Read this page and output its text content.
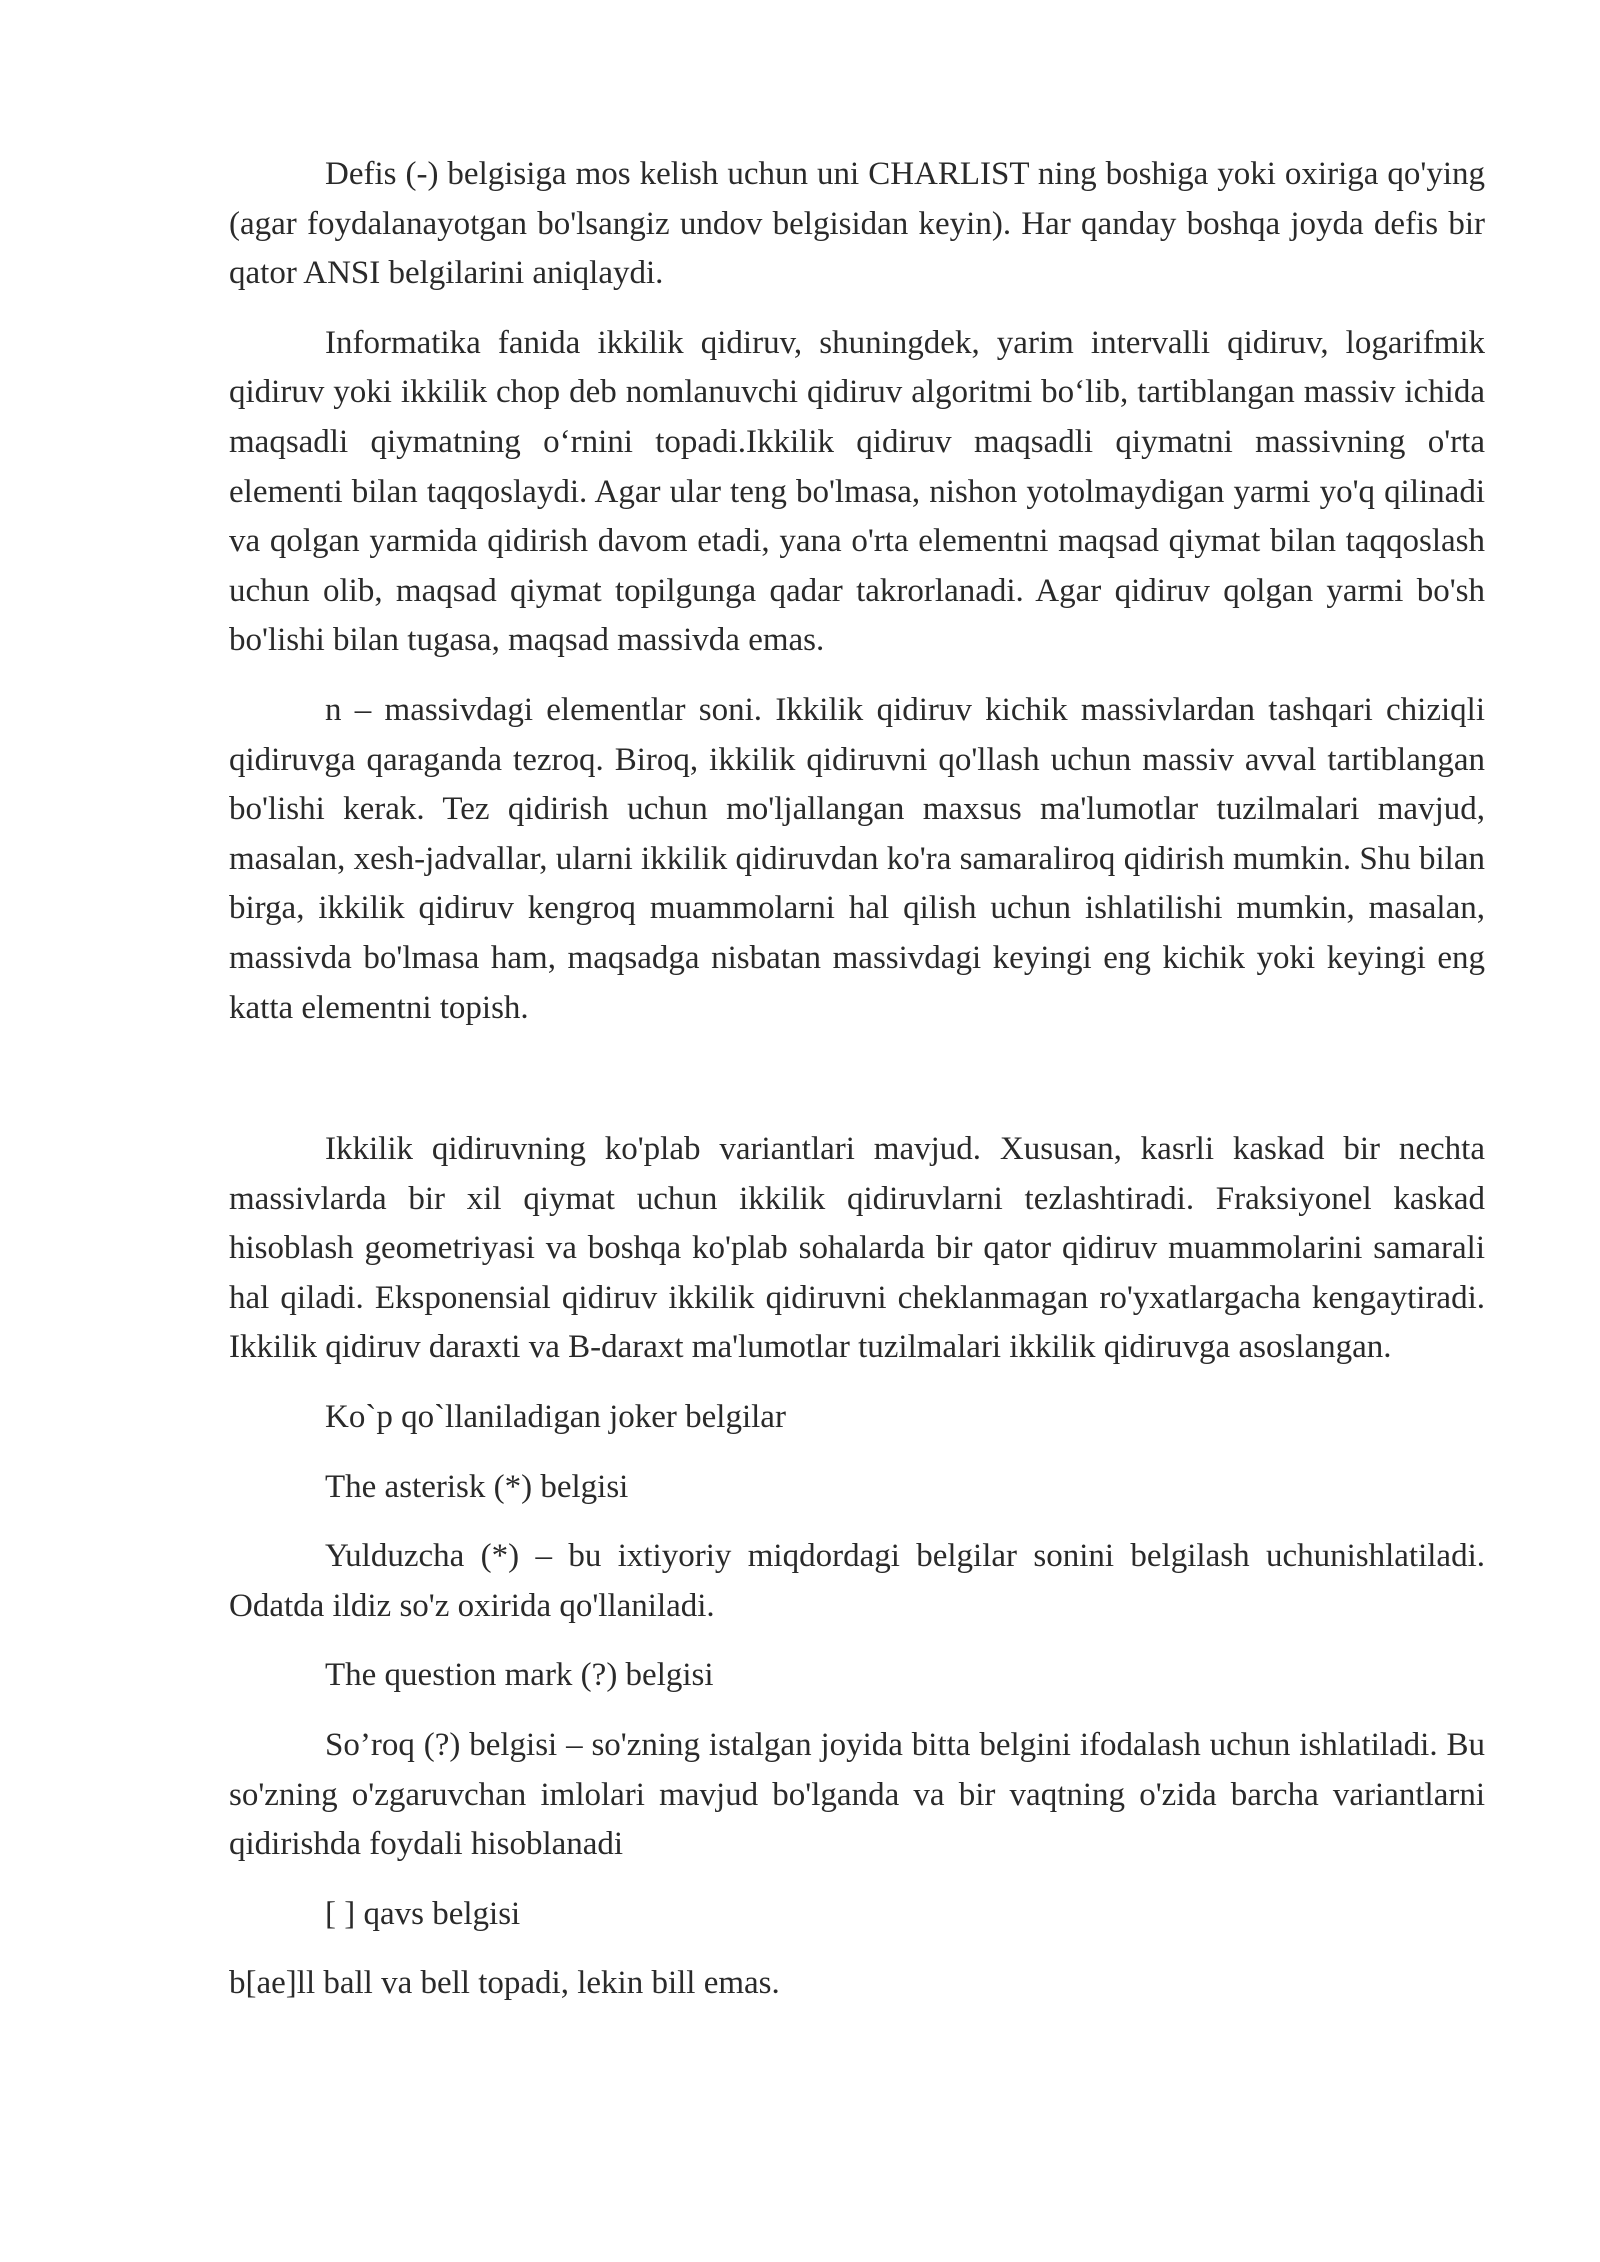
Defis (-) belgisiga mos kelish uchun uni CHARLIST ning boshiga yoki oxiriga qo'ying (agar foydalanayotgan bo'lsangiz undov belgisidan keyin). Har qanday boshqa joyda defis bir qator ANSI belgilarini aniqlaydi.

Informatika fanida ikkilik qidiruv, shuningdek, yarim intervalli qidiruv, logarifmik qidiruv yoki ikkilik chop deb nomlanuvchi qidiruv algoritmi bo‘lib, tartiblangan massiv ichida maqsadli qiymatning o‘rnini topadi.Ikkilik qidiruv maqsadli qiymatni massivning o'rta elementi bilan taqqoslaydi. Agar ular teng bo'lmasa, nishon yotolmaydigan yarmi yo'q qilinadi va qolgan yarmida qidirish davom etadi, yana o'rta elementni maqsad qiymat bilan taqqoslash uchun olib, maqsad qiymat topilgunga qadar takrorlanadi. Agar qidiruv qolgan yarmi bo'sh bo'lishi bilan tugasa, maqsad massivda emas.

n – massivdagi elementlar soni. Ikkilik qidiruv kichik massivlardan tashqari chiziqli qidiruvga qaraganda tezroq. Biroq, ikkilik qidiruvni qo'llash uchun massiv avval tartiblangan bo'lishi kerak. Tez qidirish uchun mo'ljallangan maxsus ma'lumotlar tuzilmalari mavjud, masalan, xesh-jadvallar, ularni ikkilik qidiruvdan ko'ra samaraliroq qidirish mumkin. Shu bilan birga, ikkilik qidiruv kengroq muammolarni hal qilish uchun ishlatilishi mumkin, masalan, massivda bo'lmasa ham, maqsadga nisbatan massivdagi keyingi eng kichik yoki keyingi eng katta elementni topish.

Ikkilik qidiruvning ko'plab variantlari mavjud. Xususan, kasrli kaskad bir nechta massivlarda bir xil qiymat uchun ikkilik qidiruvlarni tezlashtiradi. Fraksiyonel kaskad hisoblash geometriyasi va boshqa ko'plab sohalarda bir qator qidiruv muammolarini samarali hal qiladi. Eksponensial qidiruv ikkilik qidiruvni cheklanmagan ro'yxatlargacha kengaytiradi. Ikkilik qidiruv daraxti va B-daraxt ma'lumotlar tuzilmalari ikkilik qidiruvga asoslangan.

Ko`p qo`llaniladigan joker belgilar

The asterisk (*) belgisi

Yulduzcha (*) – bu ixtiyoriy miqdordagi belgilar sonini belgilash uchunishlatiladi. Odatda ildiz so'z oxirida qo'llaniladi.

The question mark (?) belgisi

So’roq (?) belgisi – so'zning istalgan joyida bitta belgini ifodalash uchun ishlatiladi. Bu so'zning o'zgaruvchan imlolari mavjud bo'lganda va bir vaqtning o'zida barcha variantlarni qidirishda foydali hisoblanadi

[ ] qavs belgisi

b[ae]ll ball va bell topadi, lekin bill emas.
